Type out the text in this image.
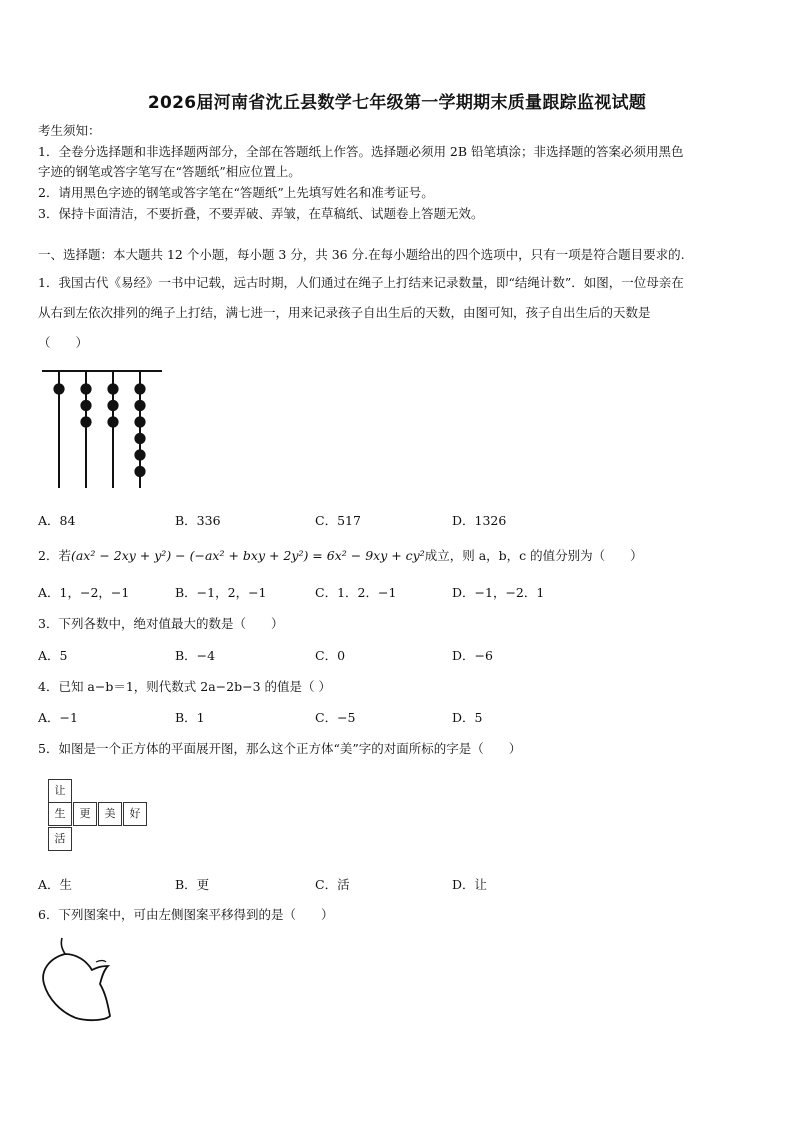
2026届河南省沈丘县数学七年级第一学期期末质量跟踪监视试题
考生须知：
1．全卷分选择题和非选择题两部分，全部在答题纸上作答。选择题必须用 2B 铅笔填涂；非选择题的答案必须用黑色
字迹的钢笔或答字笔写在“答题纸”相应位置上。
2．请用黑色字迹的钢笔或答字笔在“答题纸”上先填写姓名和准考证号。
3．保持卡面清洁，不要折叠，不要弄破、弄皱，在草稿纸、试题卷上答题无效。
一、选择题：本大题共 12 个小题，每小题 3 分，共 36 分.在每小题给出的四个选项中，只有一项是符合题目要求的.
1．我国古代《易经》一书中记载，远古时期，人们通过在绳子上打结来记录数量，即“结绳计数”．如图，一位母亲在
从右到左依次排列的绳子上打结，满七进一，用来记录孩子自出生后的天数，由图可知，孩子自出生后的天数是
（　　）
A．84	B．336	C．517	D．1326
2．若(ax² − 2xy + y²) − (−ax² + bxy + 2y²) = 6x² − 9xy + cy²成立，则 a，b，c 的值分别为（　　）
A．1，−2，−1	B．−1，2，−1	C．1．2．−1	D．−1，−2．1
3．下列各数中，绝对值最大的数是（　　）
A．5	B．−4	C．0	D．−6
4．已知 a−b＝1，则代数式 2a−2b−3 的值是（ ）
A．−1	B．1	C．−5	D．5
5．如图是一个正方体的平面展开图，那么这个正方体“美”字的对面所标的字是（　　）
让
生	更	美	好
活
A．生	B．更	C．活	D．让
6．下列图案中，可由左侧图案平移得到的是（　　）
